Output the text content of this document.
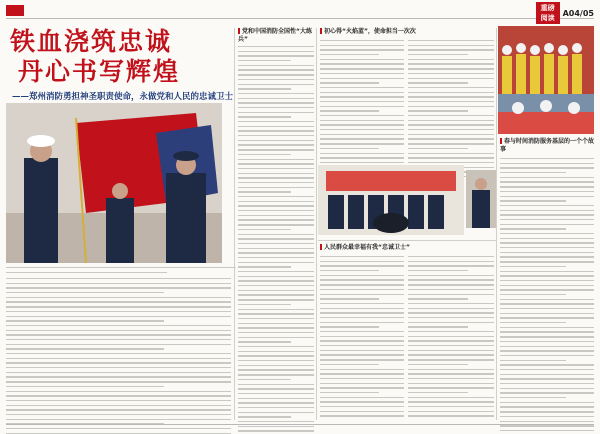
重磅
阅读
A04/05
铁血浇筑忠诚
丹心书写辉煌
——郑州消防勇担神圣职责使命，永做党和人民的忠诚卫士
党和中国消防全国性“大练兵”
初心得“火焰蓝”，使命担当一次次
人民群众最幸福有我“忠诚卫士”
春与时间消防服务基层的一个个故事
